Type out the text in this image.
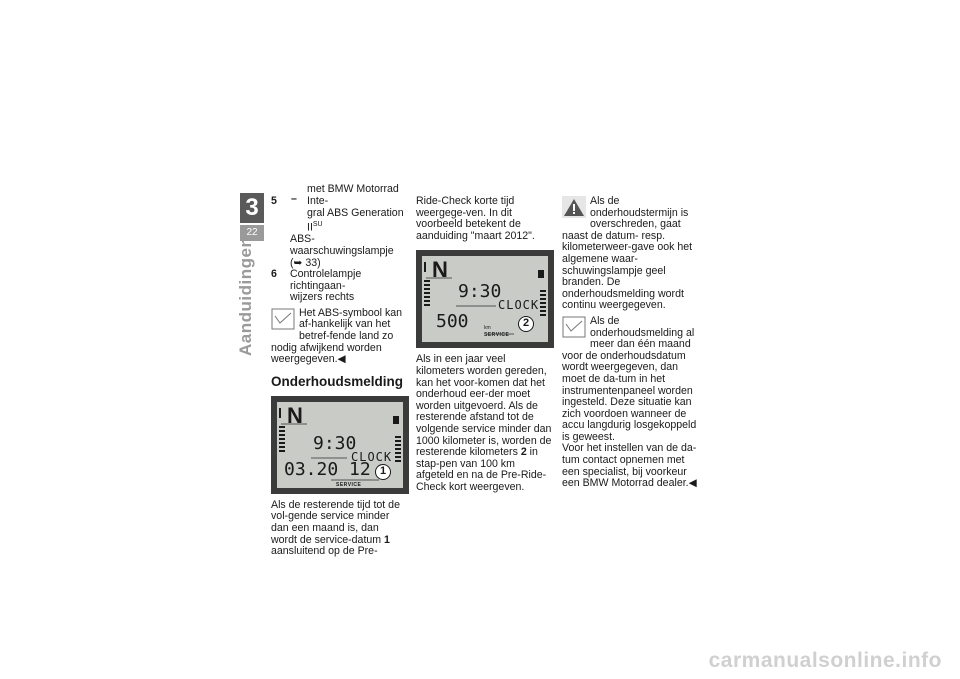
3
22
Aanduidingen
5 –
met BMW Motorrad Inte-
gral ABS Generation $II^{SU}$
ABS-waarschuwingslampje
(➥ 33)
6 Controlelampje richtingaan-
wijzers rechts

Het ABS-symbool kan af-hankelijk van het betref-fende land zo nodig afwijkend worden weergegeven.◀

Onderhoudsmelding
N
9:30
CLOCK
03.20 12
SERVICE
1

Als de resterende tijd tot de vol-gende service minder dan een maand is, dan wordt de service-datum 1 aansluitend op de Pre-

Ride-Check korte tijd weergege-ven. In dit voorbeeld betekent de aanduiding "maart 2012".

N
9:30
CLOCK
500	km
SERVICE
2

Als in een jaar veel kilometers worden gereden, kan het voor-komen dat het onderhoud eer-der moet worden uitgevoerd. Als de resterende afstand tot de volgende service minder dan 1000 kilometer is, worden de resterende kilometers 2 in stap-pen van 100 km afgeteld en na de Pre-Ride-Check kort weergeven.

Als de onderhoudstermijn is overschreden, gaat naast de datum- resp. kilometerweer-gave ook het algemene waar-schuwingslampje geel branden. De onderhoudsmelding wordt continu weergegeven.

Als de onderhoudsmelding al meer dan één maand voor de onderhoudsdatum wordt weergegeven, dan moet de da-tum in het instrumentenpaneel worden ingesteld. Deze situatie kan zich voordoen wanneer de accu langdurig losgekoppeld is geweest.

Voor het instellen van de da-tum contact opnemen met een specialist, bij voorkeur een BMW Motorrad dealer.◀

carmanualsonline.info
